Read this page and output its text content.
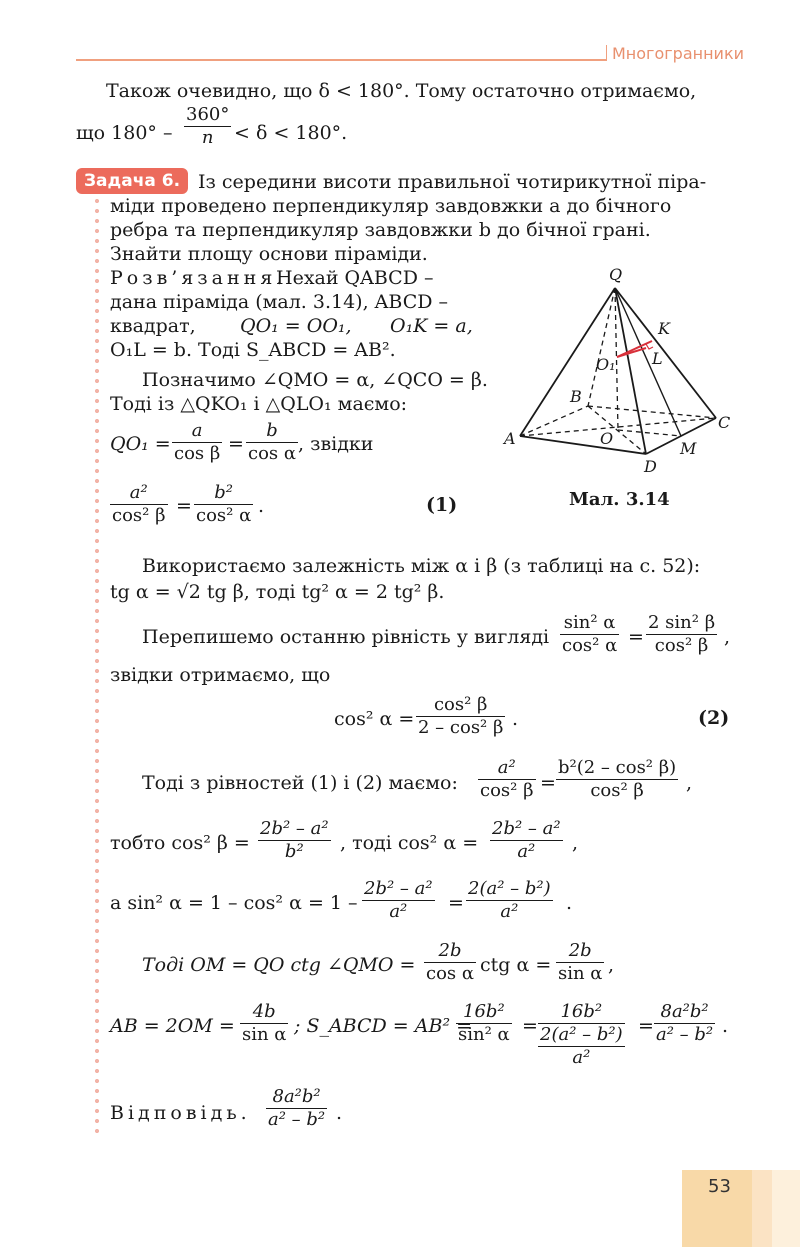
Многогранники
Також очевидно, що δ < 180°. Тому остаточно отримаємо,
що $180^\circ - \frac{360^\circ}{n} < \delta < 180^\circ$.
Задача 6. Із середини висоти правильної чотирикутної піра-
міди проведено перпендикуляр завдовжки a до бічного
ребра та перпендикуляр завдовжки b до бічної грані.
Знайти площу основи піраміди.
Розв’язання.
Нехай QABCD –
дана піраміда (мал. 3.14), ABCD –
квадрат, QO₁ = OO₁, O₁K = a,
O₁L = b. Тоді S_ABCD = AB².
Позначимо ∠QMO = α, ∠QCO = β.
Тоді із △QKO₁ і △QLO₁ маємо:
$QO_1 = \frac{a}{\text{cos β}} = \frac{b}{\text{cos α}}$ , звідки
$\frac{\text{a²}}{\text{cos² β}} = \frac{\text{b²}}{\text{cos² α}}$ .	(1)
Q
K
L
O₁
B
C
A	O
M
D
Мал. 3.14
Використаємо залежність між α і β (з таблиці на с. 52):
tg α = √2 tg β, тоді tg² α = 2 tg² β.
Перепишемо останню рівність у вигляді $\frac{\text{sin² α}}{\text{cos² α}} = \frac{\text{2 sin² β}}{\text{cos² β}}$ ,
звідки отримаємо, що
cos² $\alpha = \frac{\text{cos² β}}{\text{2 – cos² β}}$ .	(2)
Тоді з рівностей (1) і (2) маємо: $\frac{\text{a²}}{\text{cos² β}} = \frac{\text{b²(2 – cos² β)}}{\text{cos² β}}$ ,
тобто cos² $\beta = \frac{\text{2b² – a²}}{\text{b²}}$ , тоді cos² $\alpha = \frac{\text{2b² – a²}}{\text{a²}}$ ,
а sin² α = 1 – cos² $\alpha = 1 - \frac{\text{2b² – a²}}{\text{a²}} = \frac{\text{2(a² – b²)}}{\text{a²}}$ .
Тоді OM = QO ctg ∠QMO = $\frac{2b}{\text{cos α}}$ ctg $\alpha = \frac{2b}{\text{sin α}}$ ,
AB = $2OM = \frac{4b}{\text{sin α}}$ ; S_ABCD = AB² =
$\frac{\text{16b²}}{\text{sin² α}}$ =
16b²
2(a² – b²)
a²
= $\frac{\text{8a²b²}}{\text{a² – b²}}$ .
Відповідь. $\frac{\text{8a²b²}}{\text{a² – b²}}$ .
53
